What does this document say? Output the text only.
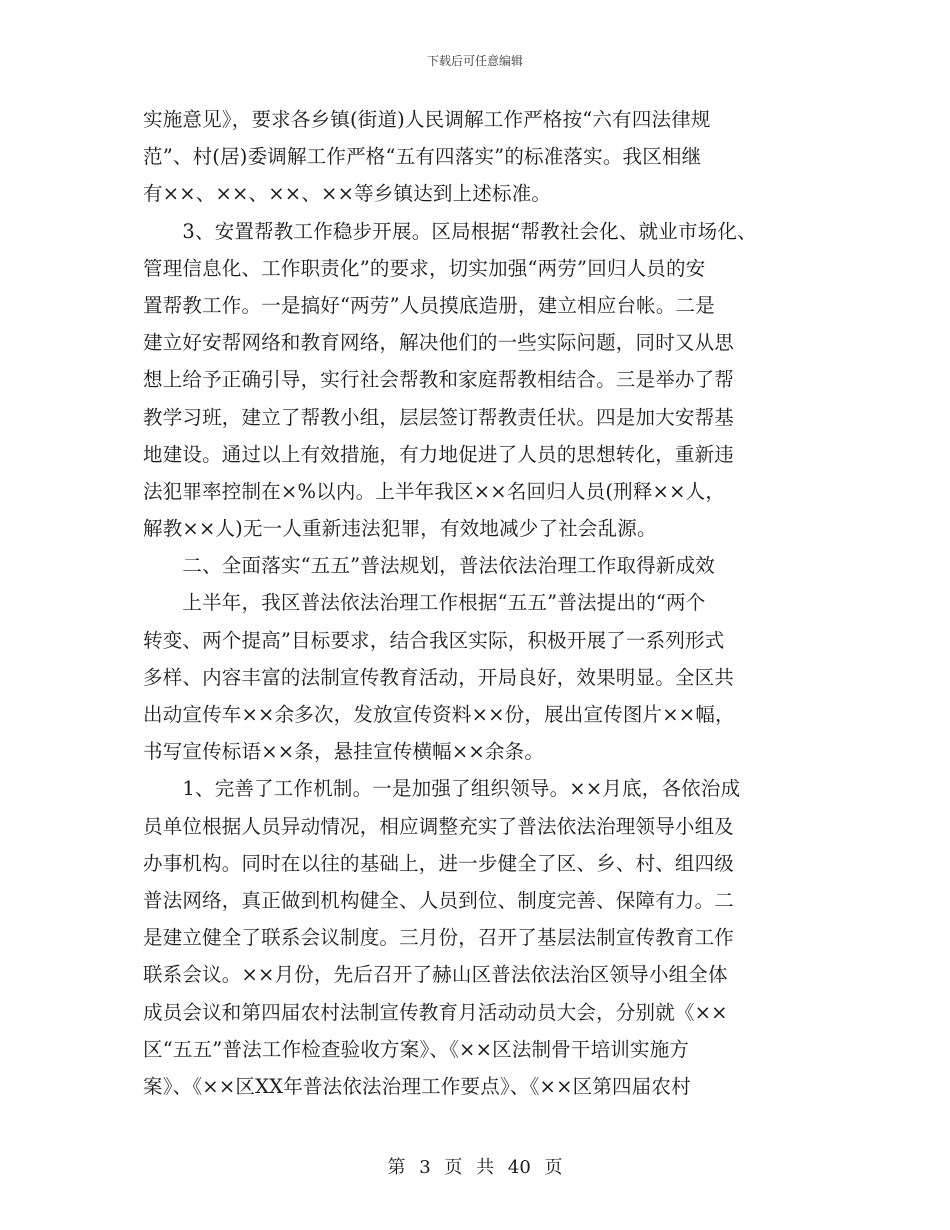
下载后可任意编辑
实施意见》，要求各乡镇(街道)人民调解工作严格按“六有四法律规
范”、村(居)委调解工作严格“五有四落实”的标准落实。我区相继
有××、××、××、××等乡镇达到上述标准。
　　3、安置帮教工作稳步开展。区局根据“帮教社会化、就业市场化、
管理信息化、工作职责化”的要求，切实加强“两劳”回归人员的安
置帮教工作。一是搞好“两劳”人员摸底造册，建立相应台帐。二是
建立好安帮网络和教育网络，解决他们的一些实际问题，同时又从思
想上给予正确引导，实行社会帮教和家庭帮教相结合。三是举办了帮
教学习班，建立了帮教小组，层层签订帮教责任状。四是加大安帮基
地建设。通过以上有效措施，有力地促进了人员的思想转化，重新违
法犯罪率控制在×%以内。上半年我区××名回归人员(刑释××人，
解教××人)无一人重新违法犯罪，有效地减少了社会乱源。
　　二、全面落实“五五”普法规划，普法依法治理工作取得新成效
　　上半年，我区普法依法治理工作根据“五五”普法提出的“两个
转变、两个提高”目标要求，结合我区实际，积极开展了一系列形式
多样、内容丰富的法制宣传教育活动，开局良好，效果明显。全区共
出动宣传车××余多次，发放宣传资料××份，展出宣传图片××幅，
书写宣传标语××条，悬挂宣传横幅××余条。
　　1、完善了工作机制。一是加强了组织领导。××月底，各依治成
员单位根据人员异动情况，相应调整充实了普法依法治理领导小组及
办事机构。同时在以往的基础上，进一步健全了区、乡、村、组四级
普法网络，真正做到机构健全、人员到位、制度完善、保障有力。二
是建立健全了联系会议制度。三月份，召开了基层法制宣传教育工作
联系会议。××月份，先后召开了赫山区普法依法治区领导小组全体
成员会议和第四届农村法制宣传教育月活动动员大会，分别就《××
区“五五”普法工作检查验收方案》、《××区法制骨干培训实施方
案》、《××区XX年普法依法治理工作要点》、《××区第四届农村
第 3 页 共 40 页
